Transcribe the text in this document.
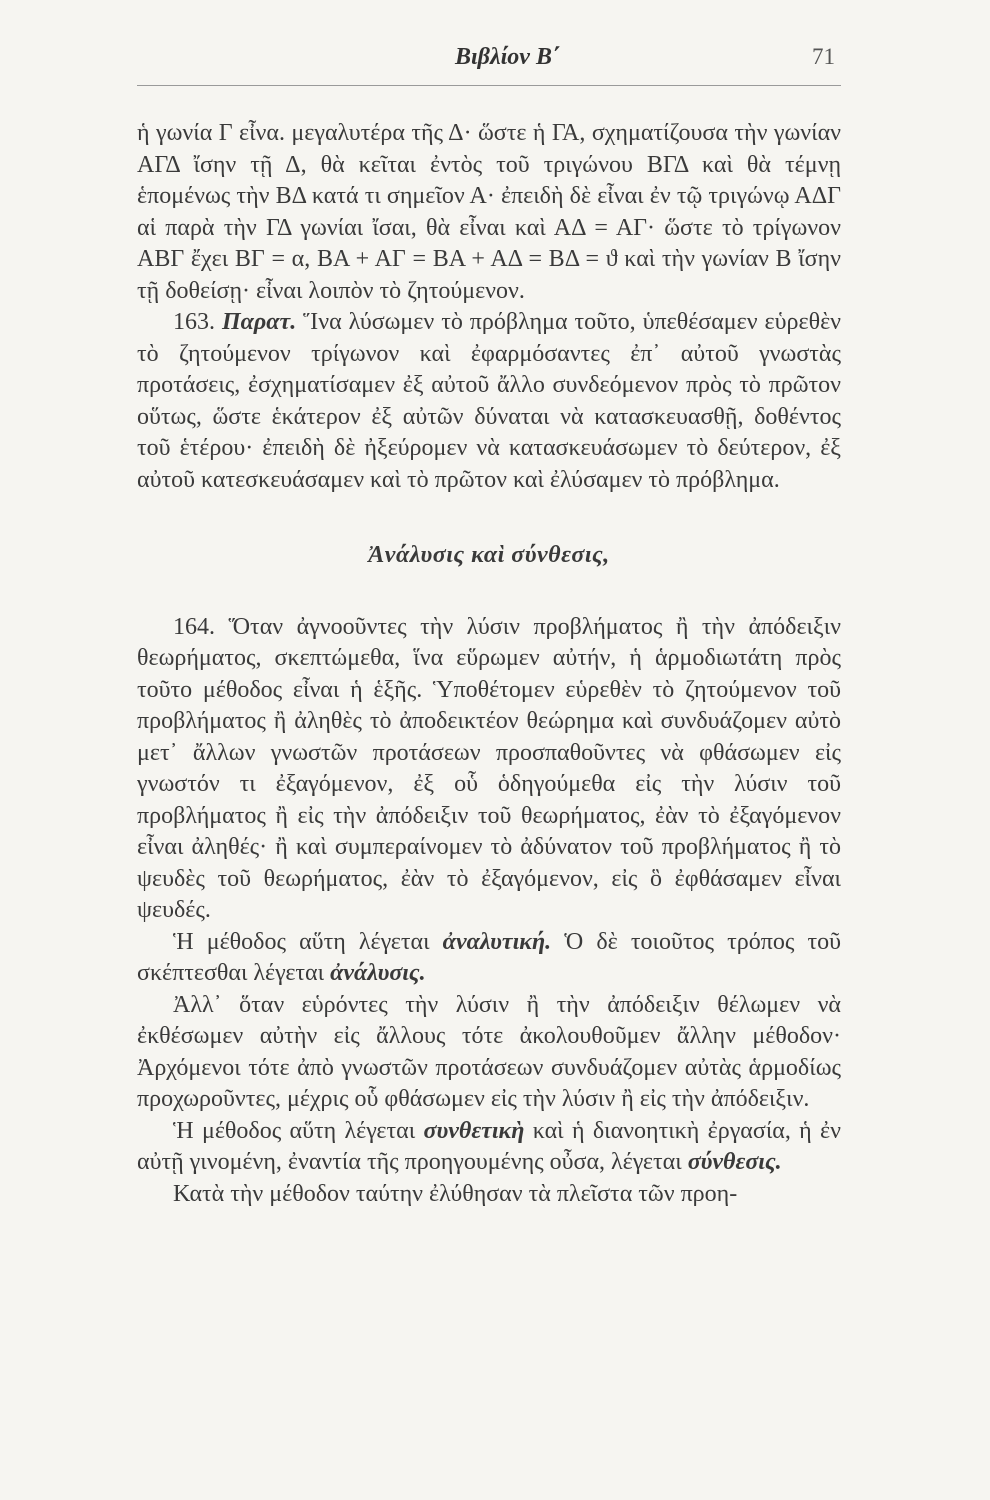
Βιβλίον Β΄	71

ἡ γωνία Γ εἶνα. μεγαλυτέρα τῆς Δ· ὥστε ἡ ΓΑ, σχηματίζουσα τὴν γωνίαν ΑΓΔ ἴσην τῇ Δ, θὰ κεῖται ἐντὸς τοῦ τριγώνου ΒΓΔ καὶ θὰ τέμνῃ ἑπομένως τὴν ΒΔ κατά τι σημεῖον Α· ἐπειδὴ δὲ εἶναι ἐν τῷ τριγώνῳ ΑΔΓ αἱ παρὰ τὴν ΓΔ γωνίαι ἴσαι, θὰ εἶναι καὶ ΑΔ = ΑΓ· ὥστε τὸ τρίγωνον ΑΒΓ ἔχει ΒΓ = α, ΒΑ + ΑΓ = ΒΑ + ΑΔ = ΒΔ = ϑ καὶ τὴν γωνίαν Β ἴσην τῇ δοθείσῃ· εἶναι λοιπὸν τὸ ζητούμενον.

163. Παρατ. Ἵνα λύσωμεν τὸ πρόβλημα τοῦτο, ὑπεθέσαμεν εὑρεθὲν τὸ ζητούμενον τρίγωνον καὶ ἐφαρμόσαντες ἐπ᾽ αὐτοῦ γνωστὰς προτάσεις, ἐσχηματίσαμεν ἐξ αὐτοῦ ἄλλο συνδεόμενον πρὸς τὸ πρῶτον οὕτως, ὥστε ἑκάτερον ἐξ αὐτῶν δύναται νὰ κατασκευασθῇ, δοθέντος τοῦ ἑτέρου· ἐπειδὴ δὲ ἠξεύρομεν νὰ κατασκευάσωμεν τὸ δεύτερον, ἐξ αὐτοῦ κατεσκευάσαμεν καὶ τὸ πρῶτον καὶ ἐλύσαμεν τὸ πρόβλημα.

Ἀνάλυσις καὶ σύνθεσις,

164. Ὅταν ἀγνοοῦντες τὴν λύσιν προβλήματος ἢ τὴν ἀπόδειξιν θεωρήματος, σκεπτώμεθα, ἵνα εὕρωμεν αὐτήν, ἡ ἁρμοδιωτάτη πρὸς τοῦτο μέθοδος εἶναι ἡ ἑξῆς. Ὑποθέτομεν εὑρεθὲν τὸ ζητούμενον τοῦ προβλήματος ἢ ἀληθὲς τὸ ἀποδεικτέον θεώρημα καὶ συνδυάζομεν αὐτὸ μετ᾽ ἄλλων γνωστῶν προτάσεων προσπαθοῦντες νὰ φθάσωμεν εἰς γνωστόν τι ἐξαγόμενον, ἐξ οὗ ὁδηγούμεθα εἰς τὴν λύσιν τοῦ προβλήματος ἢ εἰς τὴν ἀπόδειξιν τοῦ θεωρήματος, ἐὰν τὸ ἐξαγόμενον εἶναι ἀληθές· ἢ καὶ συμπεραίνομεν τὸ ἀδύνατον τοῦ προβλήματος ἢ τὸ ψευδὲς τοῦ θεωρήματος, ἐὰν τὸ ἐξαγόμενον, εἰς ὃ ἐφθάσαμεν εἶναι ψευδές.

Ἡ μέθοδος αὕτη λέγεται ἀναλυτική. Ὁ δὲ τοιοῦτος τρόπος τοῦ σκέπτεσθαι λέγεται ἀνάλυσις.

Ἀλλ᾽ ὅταν εὑρόντες τὴν λύσιν ἢ τὴν ἀπόδειξιν θέλωμεν νὰ ἐκθέσωμεν αὐτὴν εἰς ἄλλους τότε ἀκολουθοῦμεν ἄλλην μέθοδον· Ἀρχόμενοι τότε ἀπὸ γνωστῶν προτάσεων συνδυάζομεν αὐτὰς ἁρμοδίως προχωροῦντες, μέχρις οὗ φθάσωμεν εἰς τὴν λύσιν ἢ εἰς τὴν ἀπόδειξιν.

Ἡ μέθοδος αὕτη λέγεται συνθετικὴ καὶ ἡ διανοητικὴ ἐργασία, ἡ ἐν αὐτῇ γινομένη, ἐναντία τῆς προηγουμένης οὖσα, λέγεται σύνθεσις.

Κατὰ τὴν μέθοδον ταύτην ἐλύθησαν τὰ πλεῖστα τῶν προη-
